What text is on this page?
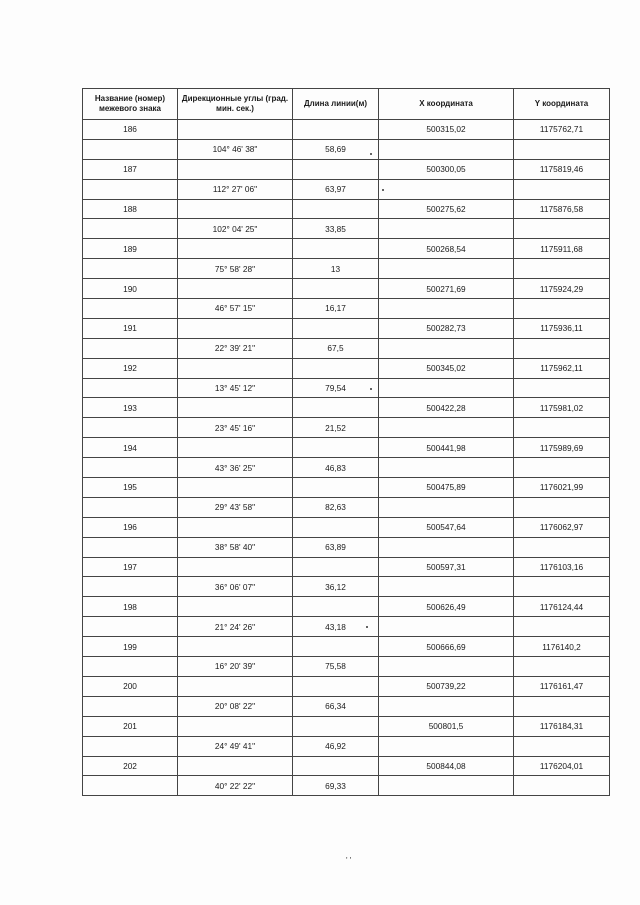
Название (номер) межевого знака	Дирекционные углы (град. мин. сек.)	Длина линии(м)	X координата	Y координата
186			500315,02	1175762,71
	104° 46' 38"	58,69		
187			500300,05	1175819,46
	112° 27' 06"	63,97		
188			500275,62	1175876,58
	102° 04' 25"	33,85		
189			500268,54	1175911,68
	75° 58' 28"	13		
190			500271,69	1175924,29
	46° 57' 15"	16,17		
191			500282,73	1175936,11
	22° 39' 21"	67,5		
192			500345,02	1175962,11
	13° 45' 12"	79,54		
193			500422,28	1175981,02
	23° 45' 16"	21,52		
194			500441,98	1175989,69
	43° 36' 25"	46,83		
195			500475,89	1176021,99
	29° 43' 58"	82,63		
196			500547,64	1176062,97
	38° 58' 40"	63,89		
197			500597,31	1176103,16
	36° 06' 07"	36,12		
198			500626,49	1176124,44
	21° 24' 26"	43,18		
199			500666,69	1176140,2
	16° 20' 39"	75,58		
200			500739,22	1176161,47
	20° 08' 22"	66,34		
201			500801,5	1176184,31
	24° 49' 41"	46,92		
202			500844,08	1176204,01
	40° 22' 22"	69,33		
' '
